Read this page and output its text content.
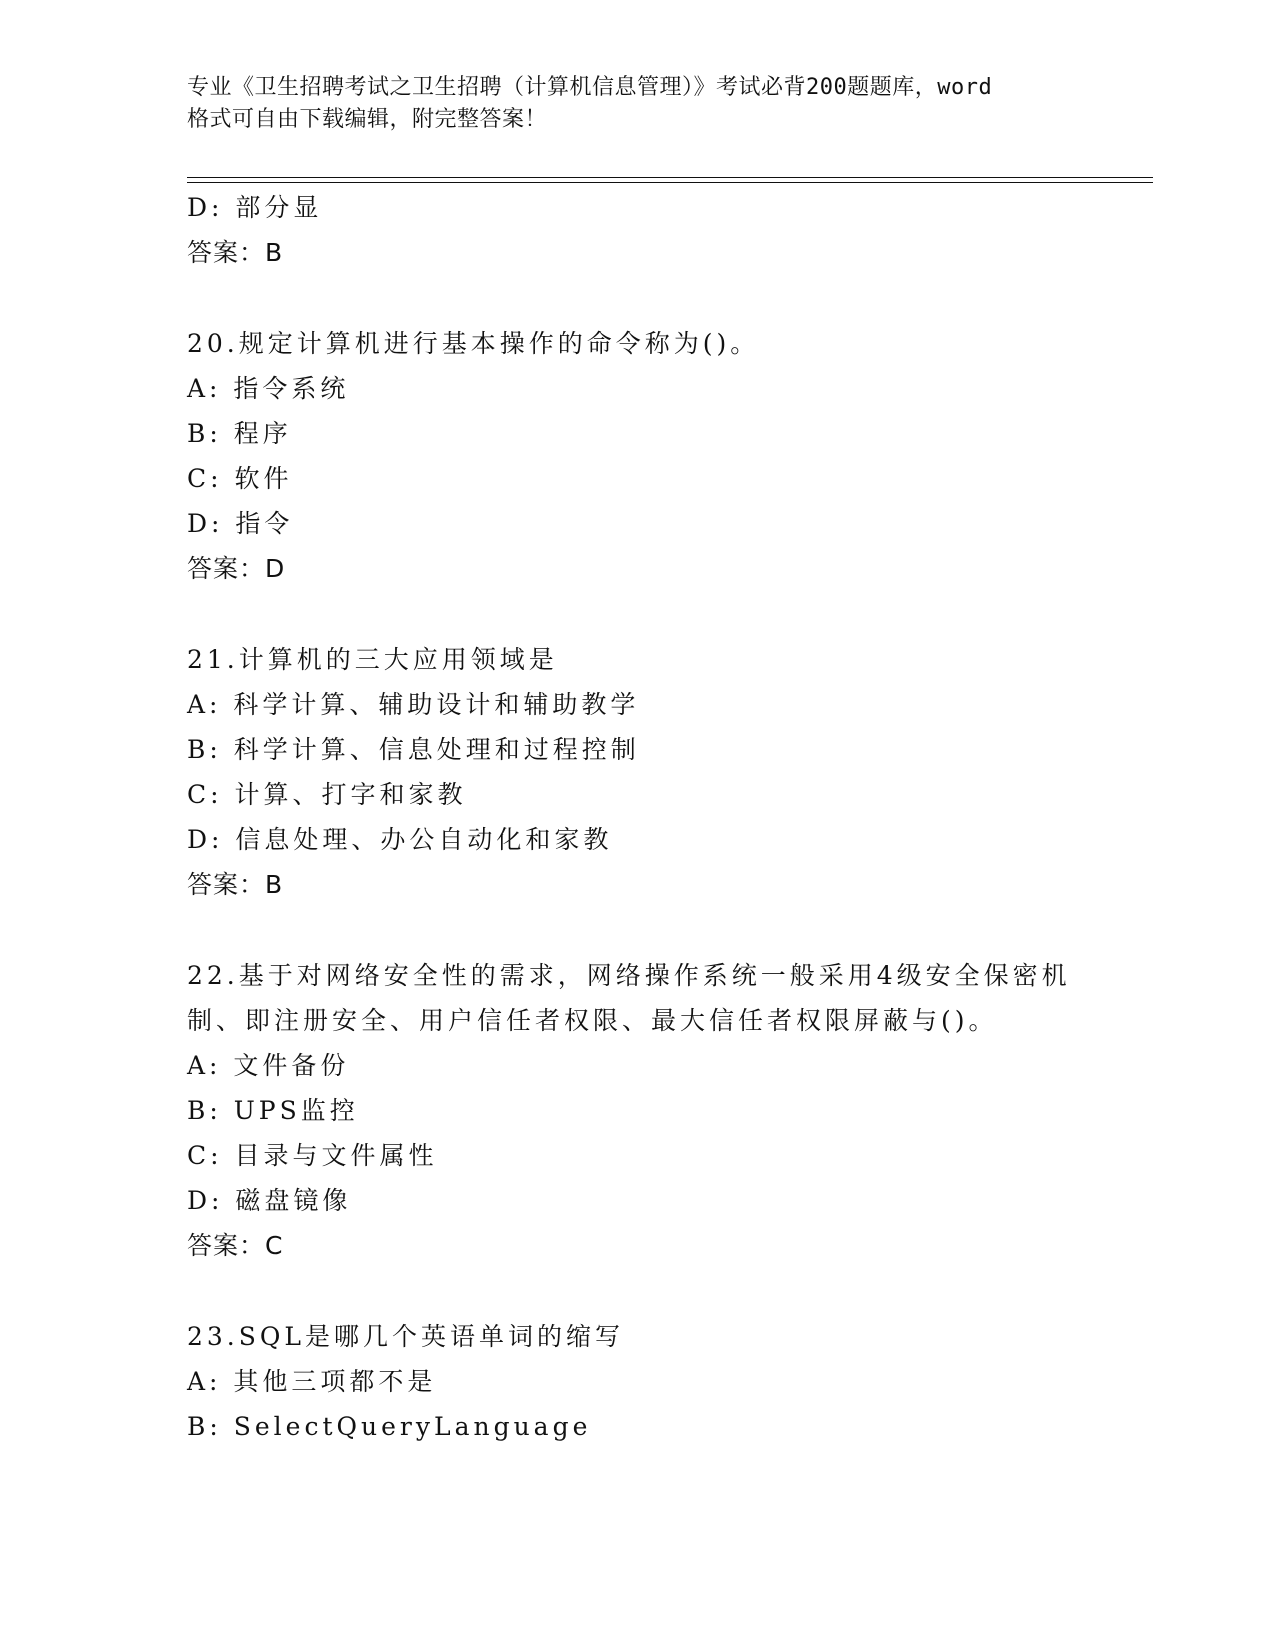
专业《卫生招聘考试之卫生招聘（计算机信息管理）》考试必背200题题库，word
格式可自由下载编辑，附完整答案！
D: 部分显
答案：B
20.规定计算机进行基本操作的命令称为()。
A: 指令系统
B: 程序
C: 软件
D: 指令
答案：D
21.计算机的三大应用领域是
A: 科学计算、辅助设计和辅助教学
B: 科学计算、信息处理和过程控制
C: 计算、打字和家教
D: 信息处理、办公自动化和家教
答案：B
22.基于对网络安全性的需求，网络操作系统一般采用4级安全保密机
制、即注册安全、用户信任者权限、最大信任者权限屏蔽与()。
A: 文件备份
B: UPS监控
C: 目录与文件属性
D: 磁盘镜像
答案：C
23.SQL是哪几个英语单词的缩写
A: 其他三项都不是
B: SelectQueryLanguage
